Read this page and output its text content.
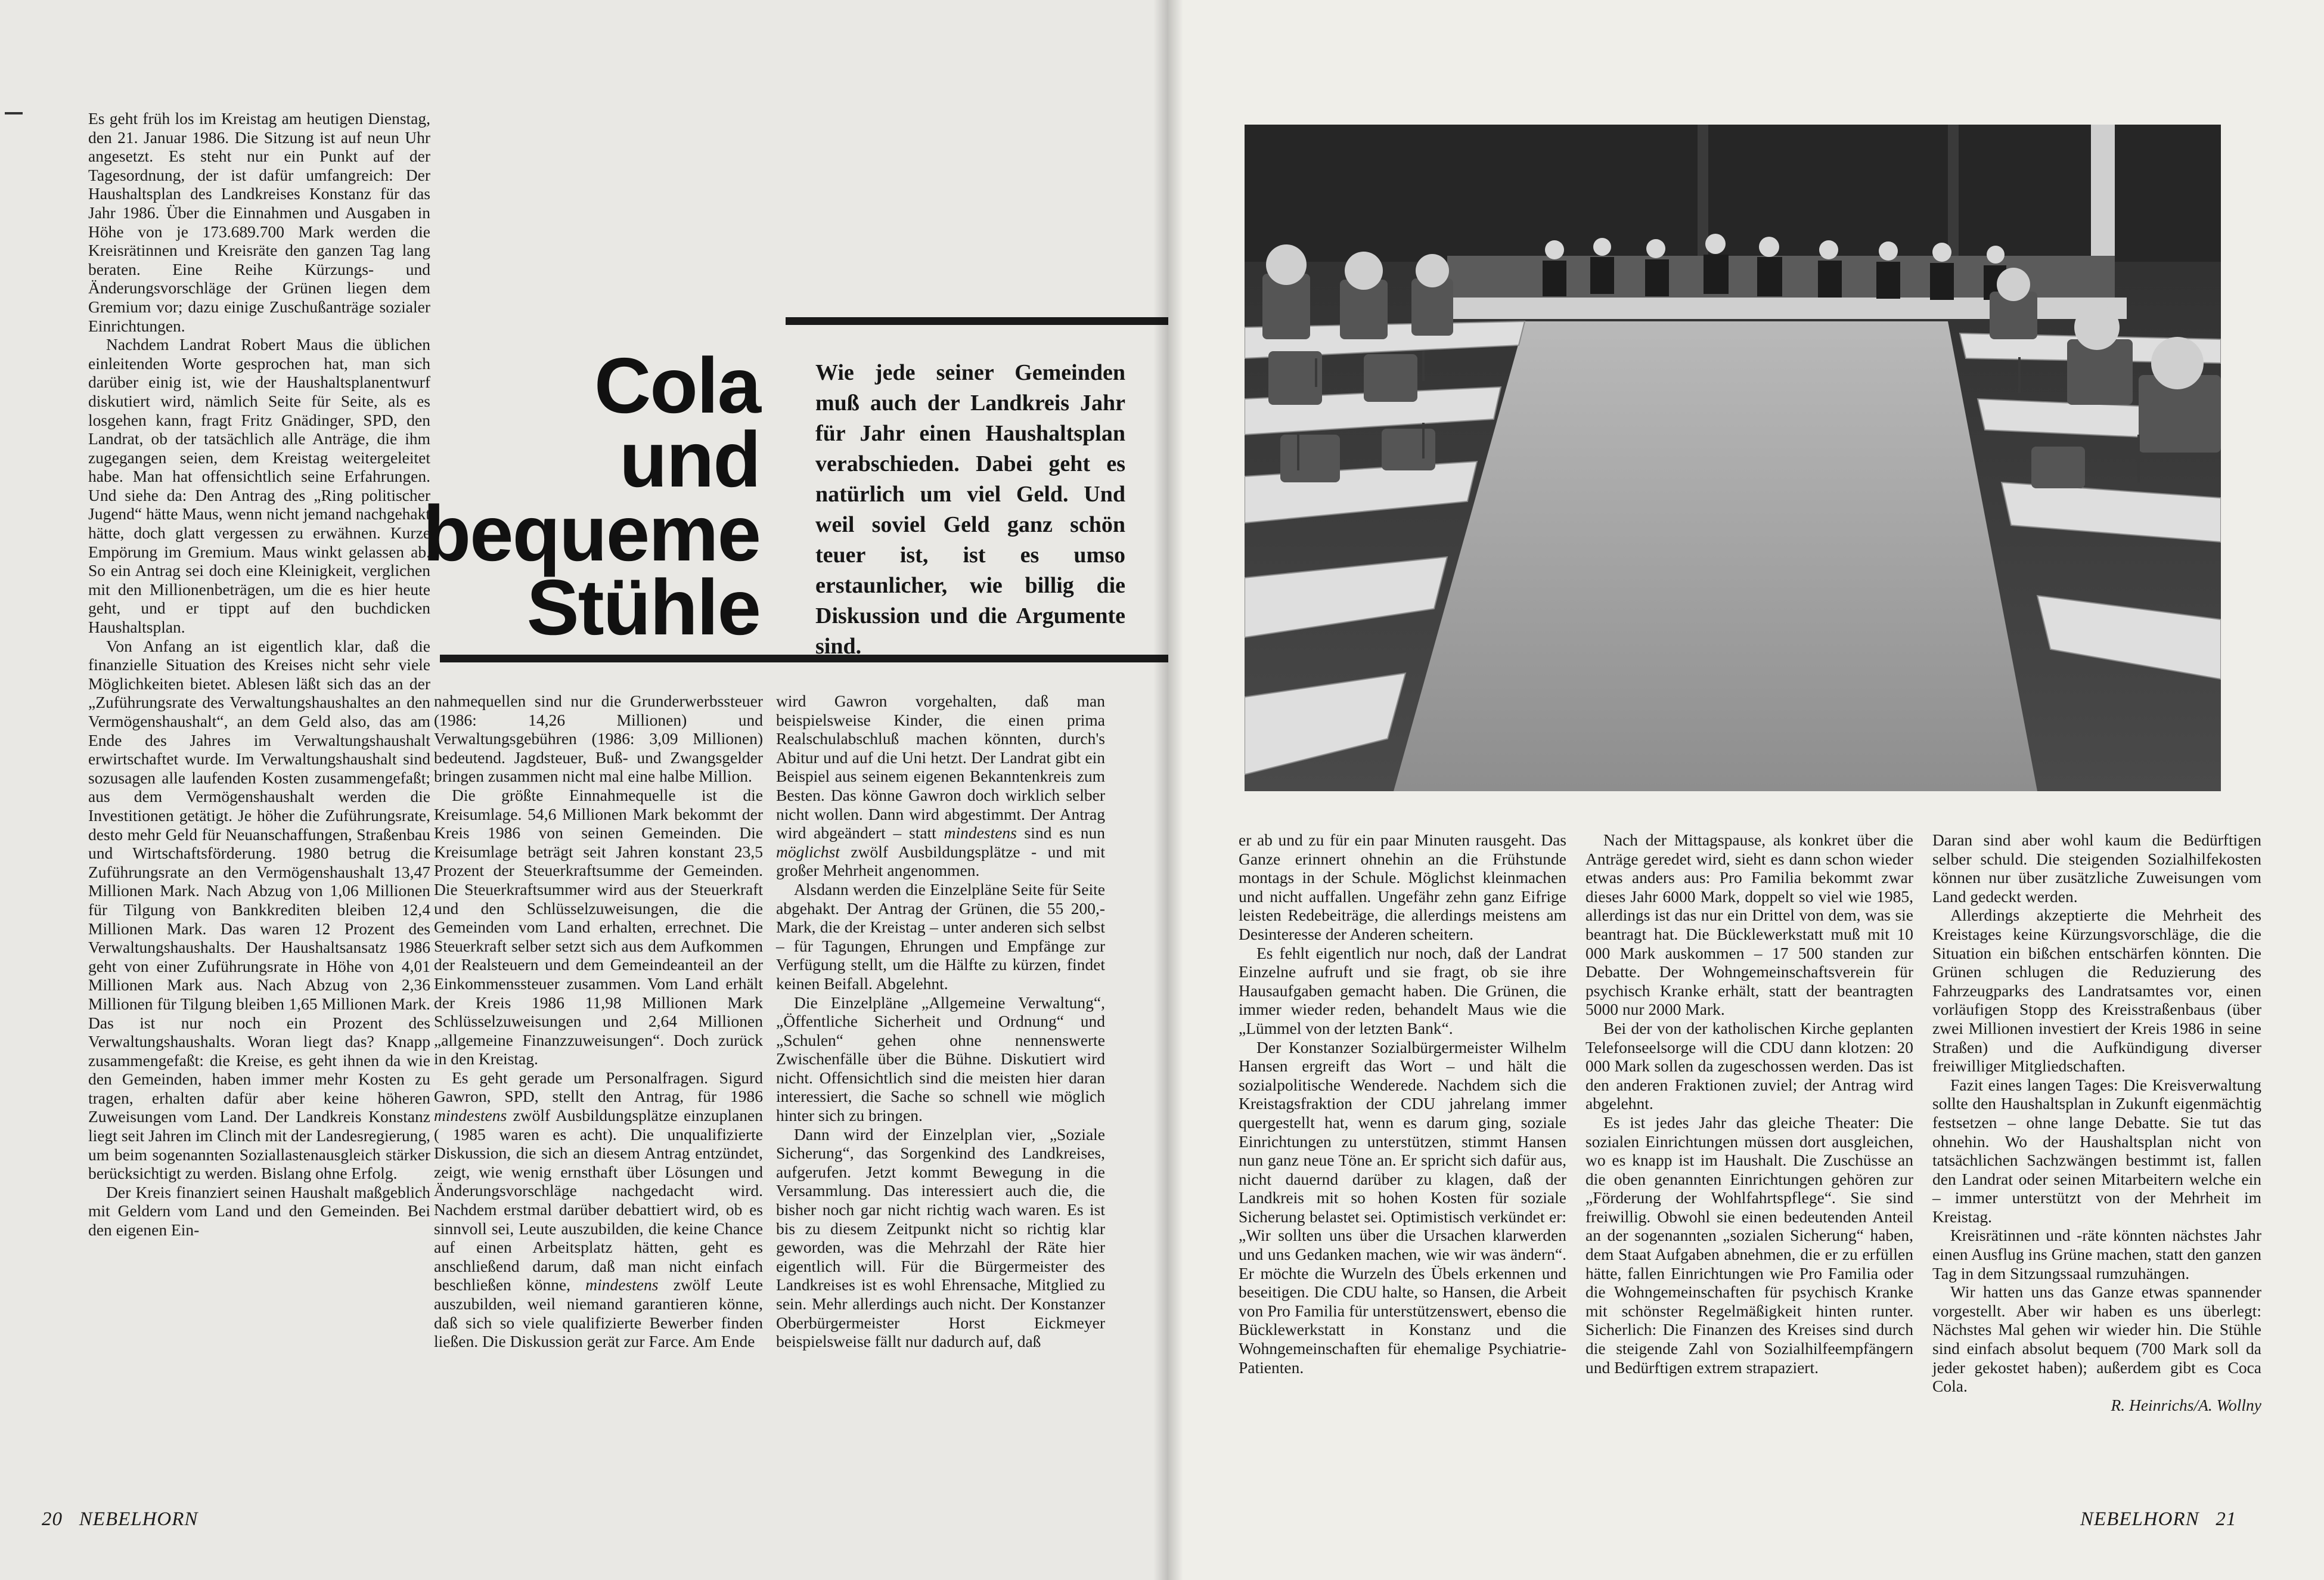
Es geht früh los im Kreistag am heutigen Dienstag, den 21. Januar 1986. Die Sitzung ist auf neun Uhr angesetzt. Es steht nur ein Punkt auf der Tagesordnung, der ist dafür umfangreich: Der Haushaltsplan des Landkreises Konstanz für das Jahr 1986. Über die Einnahmen und Ausgaben in Höhe von je 173.689.700 Mark werden die Kreisrätinnen und Kreisräte den ganzen Tag lang beraten. Eine Reihe Kürzungs- und Änderungsvorschläge der Grünen liegen dem Gremium vor; dazu einige Zuschußanträge sozialer Einrichtungen.

Nachdem Landrat Robert Maus die üblichen einleitenden Worte gesprochen hat, man sich darüber einig ist, wie der Haushaltsplanentwurf diskutiert wird, nämlich Seite für Seite, als es losgehen kann, fragt Fritz Gnädinger, SPD, den Landrat, ob der tatsächlich alle Anträge, die ihm zugegangen seien, dem Kreistag weitergeleitet habe. Man hat offensichtlich seine Erfahrungen. Und siehe da: Den Antrag des „Ring politischer Jugend“ hätte Maus, wenn nicht jemand nachgehakt hätte, doch glatt vergessen zu erwähnen. Kurze Empörung im Gremium. Maus winkt gelassen ab. So ein Antrag sei doch eine Kleinigkeit, verglichen mit den Millionenbeträgen, um die es hier heute geht, und er tippt auf den buchdicken Haushaltsplan.

Von Anfang an ist eigentlich klar, daß die finanzielle Situation des Kreises nicht sehr viele Möglichkeiten bietet. Ablesen läßt sich das an der „Zuführungsrate des Verwaltungshaushaltes an den Vermögenshaushalt“, an dem Geld also, das am Ende des Jahres im Verwaltungshaushalt erwirtschaftet wurde. Im Verwaltungshaushalt sind sozusagen alle laufenden Kosten zusammengefaßt; aus dem Vermögenshaushalt werden die Investitionen getätigt. Je höher die Zuführungsrate, desto mehr Geld für Neuanschaffungen, Straßenbau und Wirtschaftsförderung. 1980 betrug die Zuführungsrate an den Vermögenshaushalt 13,47 Millionen Mark. Nach Abzug von 1,06 Millionen für Tilgung von Bankkrediten bleiben 12,4 Millionen Mark. Das waren 12 Prozent des Verwaltungshaushalts. Der Haushaltsansatz 1986 geht von einer Zuführungsrate in Höhe von 4,01 Millionen Mark aus. Nach Abzug von 2,36 Millionen für Tilgung bleiben 1,65 Millionen Mark. Das ist nur noch ein Prozent des Verwaltungshaushalts. Woran liegt das? Knapp zusammengefaßt: die Kreise, es geht ihnen da wie den Gemeinden, haben immer mehr Kosten zu tragen, erhalten dafür aber keine höheren Zuweisungen vom Land. Der Landkreis Konstanz liegt seit Jahren im Clinch mit der Landesregierung, um beim sogenannten Soziallastenausgleich stärker berücksichtigt zu werden. Bislang ohne Erfolg.

Der Kreis finanziert seinen Haushalt maßgeblich mit Geldern vom Land und den Gemeinden. Bei den eigenen Ein-

Cola
und
bequeme
Stühle
Wie jede seiner Gemeinden muß auch der Landkreis Jahr für Jahr einen Haushaltsplan verabschieden. Dabei geht es natürlich um viel Geld. Und weil soviel Geld ganz schön teuer ist, ist es umso erstaunlicher, wie billig die Diskussion und die Argumente sind.

nahmequellen sind nur die Grunderwerbssteuer (1986: 14,26 Millionen) und Verwaltungsgebühren (1986: 3,09 Millionen) bedeutend. Jagdsteuer, Buß- und Zwangsgelder bringen zusammen nicht mal eine halbe Million.

Die größte Einnahmequelle ist die Kreisumlage. 54,6 Millionen Mark bekommt der Kreis 1986 von seinen Gemeinden. Die Kreisumlage beträgt seit Jahren konstant 23,5 Prozent der Steuerkraftsumme der Gemeinden. Die Steuerkraftsummer wird aus der Steuerkraft und den Schlüsselzuweisungen, die die Gemeinden vom Land erhalten, errechnet. Die Steuerkraft selber setzt sich aus dem Aufkommen der Realsteuern und dem Gemeindeanteil an der Einkommenssteuer zusammen. Vom Land erhält der Kreis 1986 11,98 Millionen Mark Schlüsselzuweisungen und 2,64 Millionen „allgemeine Finanzzuweisungen“. Doch zurück in den Kreistag.

Es geht gerade um Personalfragen. Sigurd Gawron, SPD, stellt den Antrag, für 1986 mindestens zwölf Ausbildungsplätze einzuplanen ( 1985 waren es acht). Die unqualifizierte Diskussion, die sich an diesem Antrag entzündet, zeigt, wie wenig ernsthaft über Lösungen und Änderungsvorschläge nachgedacht wird. Nachdem erstmal darüber debattiert wird, ob es sinnvoll sei, Leute auszubilden, die keine Chance auf einen Arbeitsplatz hätten, geht es anschließend darum, daß man nicht einfach beschließen könne, mindestens zwölf Leute auszubilden, weil niemand garantieren könne, daß sich so viele qualifizierte Bewerber finden ließen. Die Diskussion gerät zur Farce. Am Ende

wird Gawron vorgehalten, daß man beispielsweise Kinder, die einen prima Realschulabschluß machen könnten, durch's Abitur und auf die Uni hetzt. Der Landrat gibt ein Beispiel aus seinem eigenen Bekanntenkreis zum Besten. Das könne Gawron doch wirklich selber nicht wollen. Dann wird abgestimmt. Der Antrag wird abgeändert – statt mindestens sind es nun möglichst zwölf Ausbildungsplätze - und mit großer Mehrheit angenommen.

Alsdann werden die Einzelpläne Seite für Seite abgehakt. Der Antrag der Grünen, die 55 200,- Mark, die der Kreistag – unter anderen sich selbst – für Tagungen, Ehrungen und Empfänge zur Verfügung stellt, um die Hälfte zu kürzen, findet keinen Beifall. Abgelehnt.

Die Einzelpläne „Allgemeine Verwaltung“, „Öffentliche Sicherheit und Ordnung“ und „Schulen“ gehen ohne nennenswerte Zwischenfälle über die Bühne. Diskutiert wird nicht. Offensichtlich sind die meisten hier daran interessiert, die Sache so schnell wie möglich hinter sich zu bringen.

Dann wird der Einzelplan vier, „Soziale Sicherung“, das Sorgenkind des Landkreises, aufgerufen. Jetzt kommt Bewegung in die Versammlung. Das interessiert auch die, die bisher noch gar nicht richtig wach waren. Es ist bis zu diesem Zeitpunkt nicht so richtig klar geworden, was die Mehrzahl der Räte hier eigentlich will. Für die Bürgermeister des Landkreises ist es wohl Ehrensache, Mitglied zu sein. Mehr allerdings auch nicht. Der Konstanzer Oberbürgermeister Horst Eickmeyer beispielsweise fällt nur dadurch auf, daß

20 NEBELHORN

er ab und zu für ein paar Minuten rausgeht. Das Ganze erinnert ohnehin an die Frühstunde montags in der Schule. Möglichst kleinmachen und nicht auffallen. Ungefähr zehn ganz Eifrige leisten Redebeiträge, die allerdings meistens am Desinteresse der Anderen scheitern.

Es fehlt eigentlich nur noch, daß der Landrat Einzelne aufruft und sie fragt, ob sie ihre Hausaufgaben gemacht haben. Die Grünen, die immer wieder reden, behandelt Maus wie die „Lümmel von der letzten Bank“.

Der Konstanzer Sozialbürgermeister Wilhelm Hansen ergreift das Wort – und hält die sozialpolitische Wenderede. Nachdem sich die Kreistagsfraktion der CDU jahrelang immer quergestellt hat, wenn es darum ging, soziale Einrichtungen zu unterstützen, stimmt Hansen nun ganz neue Töne an. Er spricht sich dafür aus, nicht dauernd darüber zu klagen, daß der Landkreis mit so hohen Kosten für soziale Sicherung belastet sei. Optimistisch verkündet er: „Wir sollten uns über die Ursachen klarwerden und uns Gedanken machen, wie wir was ändern“. Er möchte die Wurzeln des Übels erkennen und beseitigen. Die CDU halte, so Hansen, die Arbeit von Pro Familia für unterstützenswert, ebenso die Bücklewerkstatt in Konstanz und die Wohngemeinschaften für ehemalige Psychiatrie-Patienten.

Nach der Mittagspause, als konkret über die Anträge geredet wird, sieht es dann schon wieder etwas anders aus: Pro Familia bekommt zwar dieses Jahr 6000 Mark, doppelt so viel wie 1985, allerdings ist das nur ein Drittel von dem, was sie beantragt hat. Die Bücklewerkstatt muß mit 10 000 Mark auskommen – 17 500 standen zur Debatte. Der Wohngemeinschaftsverein für psychisch Kranke erhält, statt der beantragten 5000 nur 2000 Mark.

Bei der von der katholischen Kirche geplanten Telefonseelsorge will die CDU dann klotzen: 20 000 Mark sollen da zugeschossen werden. Das ist den anderen Fraktionen zuviel; der Antrag wird abgelehnt.

Es ist jedes Jahr das gleiche Theater: Die sozialen Einrichtungen müssen dort ausgleichen, wo es knapp ist im Haushalt. Die Zuschüsse an die oben genannten Einrichtungen gehören zur „Förderung der Wohlfahrtspflege“. Sie sind freiwillig. Obwohl sie einen bedeutenden Anteil an der sogenannten „sozialen Sicherung“ haben, dem Staat Aufgaben abnehmen, die er zu erfüllen hätte, fallen Einrichtungen wie Pro Familia oder die Wohngemeinschaften für psychisch Kranke mit schönster Regelmäßigkeit hinten runter. Sicherlich: Die Finanzen des Kreises sind durch die steigende Zahl von Sozialhilfeempfängern und Bedürftigen extrem strapaziert.

Daran sind aber wohl kaum die Bedürftigen selber schuld. Die steigenden Sozialhilfekosten können nur über zusätzliche Zuweisungen vom Land gedeckt werden.

Allerdings akzeptierte die Mehrheit des Kreistages keine Kürzungsvorschläge, die die Situation ein bißchen entschärfen könnten. Die Grünen schlugen die Reduzierung des Fahrzeugparks des Landratsamtes vor, einen vorläufigen Stopp des Kreisstraßenbaus (über zwei Millionen investiert der Kreis 1986 in seine Straßen) und die Aufkündigung diverser freiwilliger Mitgliedschaften.

Fazit eines langen Tages: Die Kreisverwaltung sollte den Haushaltsplan in Zukunft eigenmächtig festsetzen – ohne lange Debatte. Sie tut das ohnehin. Wo der Haushaltsplan nicht von tatsächlichen Sachzwängen bestimmt ist, fallen den Landrat oder seinen Mitarbeitern welche ein – immer unterstützt von der Mehrheit im Kreistag.

Kreisrätinnen und -räte könnten nächstes Jahr einen Ausflug ins Grüne machen, statt den ganzen Tag in dem Sitzungssaal rumzuhängen.

Wir hatten uns das Ganze etwas spannender vorgestellt. Aber wir haben es uns überlegt: Nächstes Mal gehen wir wieder hin. Die Stühle sind einfach absolut bequem (700 Mark soll da jeder gekostet haben); außerdem gibt es Coca Cola.

R. Heinrichs/A. Wollny

NEBELHORN 21
